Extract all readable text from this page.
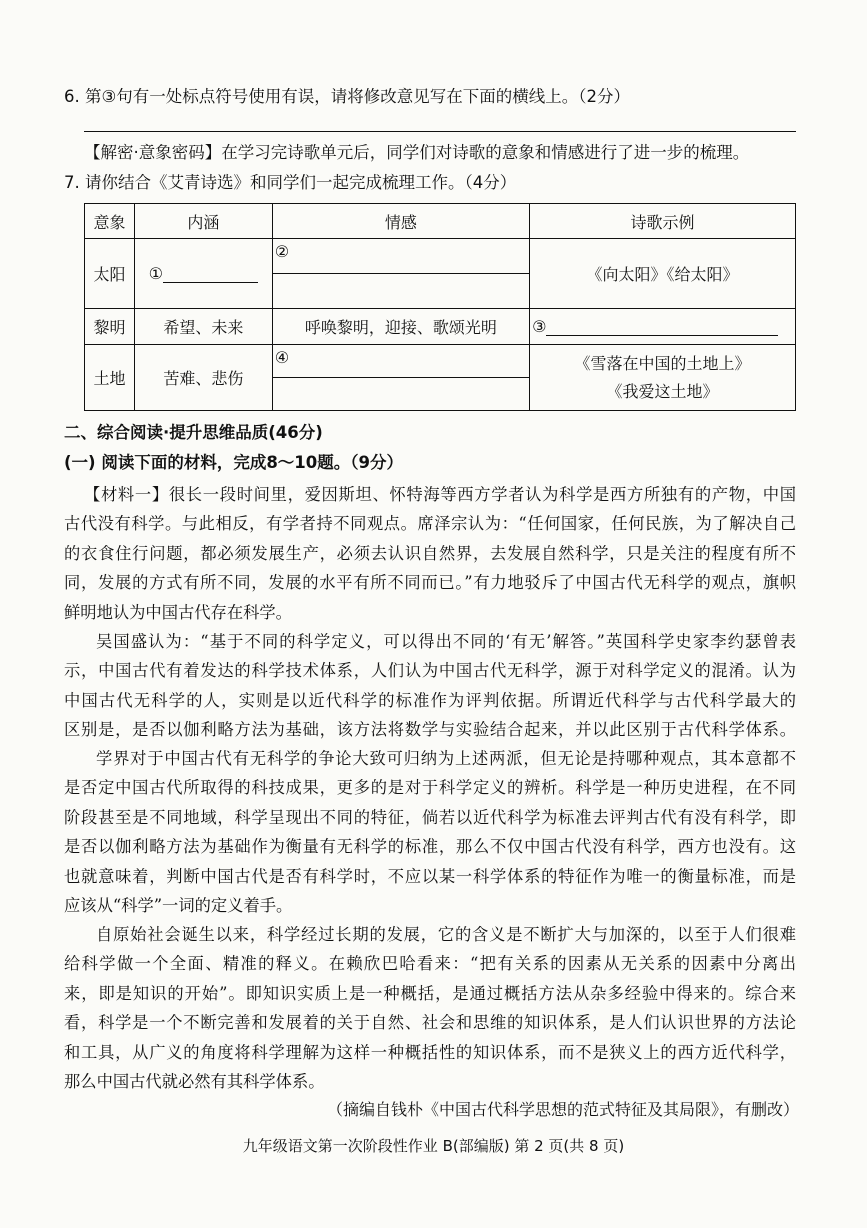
6. 第③句有一处标点符号使用有误，请将修改意见写在下面的横线上。（2分）
【解密·意象密码】在学习完诗歌单元后，同学们对诗歌的意象和情感进行了进一步的梳理。
7. 请你结合《艾青诗选》和同学们一起完成梳理工作。（4分）
意象	内涵	情感	诗歌示例
太阳	①	②	《向太阳》《给太阳》
黎明	希望、未来	呼唤黎明，迎接、歌颂光明	③
土地	苦难、悲伤	④	《雪落在中国的土地上》
《我爱这土地》
二、综合阅读·提升思维品质(46分)
(一) 阅读下面的材料，完成8～10题。（9分）
【材料一】很长一段时间里，爱因斯坦、怀特海等西方学者认为科学是西方所独有的产物，中国
古代没有科学。与此相反，有学者持不同观点。席泽宗认为：“任何国家，任何民族，为了解决自己
的衣食住行问题，都必须发展生产，必须去认识自然界，去发展自然科学，只是关注的程度有所不
同，发展的方式有所不同，发展的水平有所不同而已。”有力地驳斥了中国古代无科学的观点，旗帜
鲜明地认为中国古代存在科学。
吴国盛认为：“基于不同的科学定义，可以得出不同的‘有无’解答。”英国科学史家李约瑟曾表
示，中国古代有着发达的科学技术体系，人们认为中国古代无科学，源于对科学定义的混淆。认为
中国古代无科学的人，实则是以近代科学的标准作为评判依据。所谓近代科学与古代科学最大的
区别是，是否以伽利略方法为基础，该方法将数学与实验结合起来，并以此区别于古代科学体系。
学界对于中国古代有无科学的争论大致可归纳为上述两派，但无论是持哪种观点，其本意都不
是否定中国古代所取得的科技成果，更多的是对于科学定义的辨析。科学是一种历史进程，在不同
阶段甚至是不同地域，科学呈现出不同的特征，倘若以近代科学为标准去评判古代有没有科学，即
是否以伽利略方法为基础作为衡量有无科学的标准，那么不仅中国古代没有科学，西方也没有。这
也就意味着，判断中国古代是否有科学时，不应以某一科学体系的特征作为唯一的衡量标准，而是
应该从“科学”一词的定义着手。
自原始社会诞生以来，科学经过长期的发展，它的含义是不断扩大与加深的，以至于人们很难
给科学做一个全面、精准的释义。在赖欣巴哈看来：“把有关系的因素从无关系的因素中分离出
来，即是知识的开始”。即知识实质上是一种概括，是通过概括方法从杂多经验中得来的。综合来
看，科学是一个不断完善和发展着的关于自然、社会和思维的知识体系，是人们认识世界的方法论
和工具，从广义的角度将科学理解为这样一种概括性的知识体系，而不是狭义上的西方近代科学，
那么中国古代就必然有其科学体系。
（摘编自钱朴《中国古代科学思想的范式特征及其局限》，有删改）
九年级语文第一次阶段性作业 B(部编版) 第 2 页(共 8 页)
